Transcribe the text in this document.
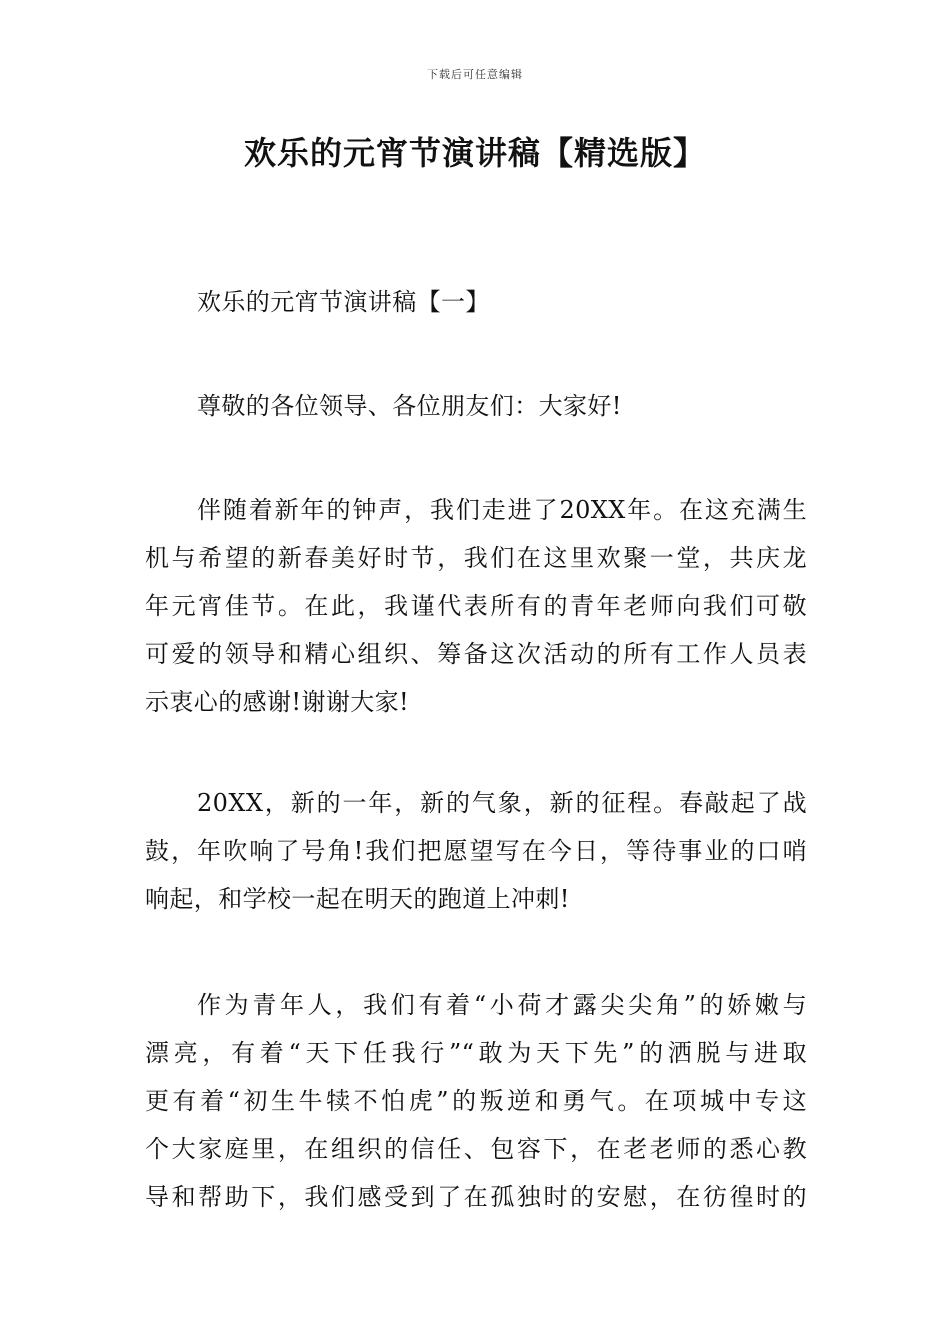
下载后可任意编辑
欢乐的元宵节演讲稿【精选版】
欢乐的元宵节演讲稿【一】
尊敬的各位领导、各位朋友们：大家好!
伴随着新年的钟声，我们走进了20XX年。在这充满生
机与希望的新春美好时节，我们在这里欢聚一堂，共庆龙
年元宵佳节。在此，我谨代表所有的青年老师向我们可敬
可爱的领导和精心组织、筹备这次活动的所有工作人员表
示衷心的感谢!谢谢大家!
20XX，新的一年，新的气象，新的征程。春敲起了战
鼓，年吹响了号角!我们把愿望写在今日，等待事业的口哨
响起，和学校一起在明天的跑道上冲刺!
作为青年人，我们有着“小荷才露尖尖角”的娇嫩与
漂亮，有着“天下任我行”“敢为天下先”的洒脱与进取
更有着“初生牛犊不怕虎”的叛逆和勇气。在项城中专这
个大家庭里，在组织的信任、包容下，在老老师的悉心教
导和帮助下，我们感受到了在孤独时的安慰，在彷徨时的
